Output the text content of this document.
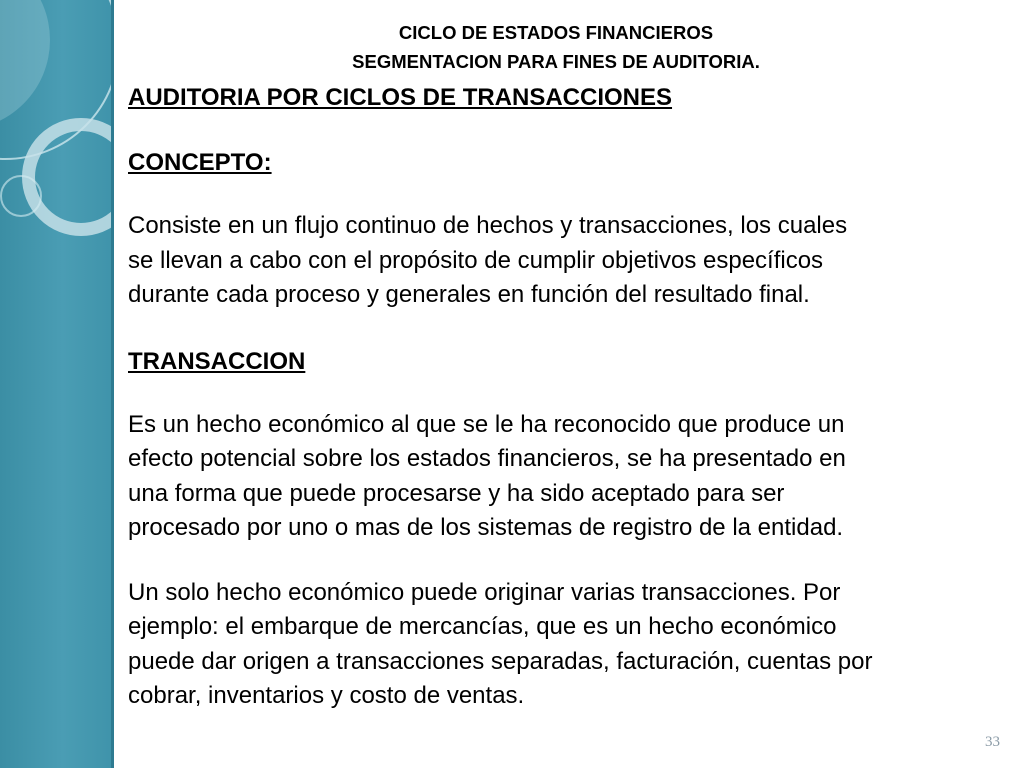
CICLO DE ESTADOS FINANCIEROS
SEGMENTACION PARA FINES DE AUDITORIA.
AUDITORIA POR CICLOS DE TRANSACCIONES
CONCEPTO:
Consiste en un flujo continuo de hechos y transacciones, los cuales
se llevan a cabo con el propósito de cumplir objetivos específicos
durante cada proceso y generales en función del resultado final.
TRANSACCION
Es un hecho económico al que se le ha reconocido que produce un
efecto potencial sobre los estados financieros, se ha presentado en
una forma que puede procesarse y ha sido aceptado para ser
procesado por uno o mas de los sistemas de registro de la entidad.
Un solo hecho económico puede originar varias transacciones. Por
ejemplo: el embarque de mercancías, que es un hecho económico
puede dar origen a transacciones separadas, facturación, cuentas por
cobrar, inventarios y costo de ventas.
33
